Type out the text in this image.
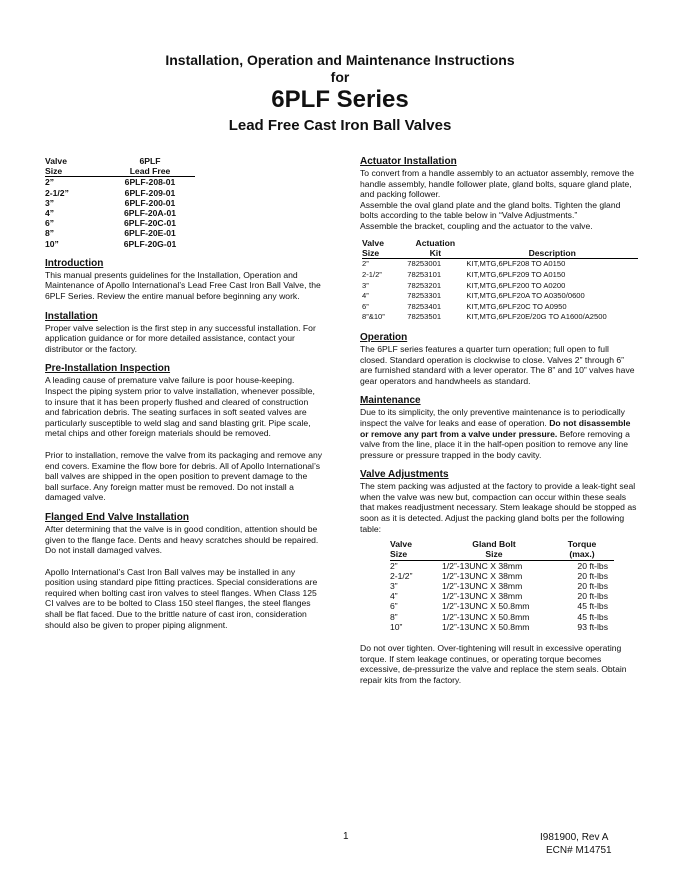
Installation, Operation and Maintenance Instructions
for
6PLF Series
Lead Free Cast Iron Ball Valves
Valve	6PLF
Size	Lead Free
2”	6PLF-208-01
2-1/2”	6PLF-209-01
3”	6PLF-200-01
4”	6PLF-20A-01
6”	6PLF-20C-01
8”	6PLF-20E-01
10”	6PLF-20G-01
Introduction

This manual presents guidelines for the Installation, Operation and Maintenance of Apollo International’s Lead Free Cast Iron Ball Valve, the 6PLF Series. Review the entire manual before beginning any work.

Installation

Proper valve selection is the first step in any successful installation. For application guidance or for more detailed assistance, contact your distributor or the factory.

Pre-Installation Inspection

A leading cause of premature valve failure is poor house-keeping. Inspect the piping system prior to valve installation, whenever possible, to insure that it has been properly flushed and cleared of construction and fabrication debris. The seating surfaces in soft seated valves are particularly susceptible to weld slag and sand blasting grit. Pipe scale, metal chips and other foreign materials should be removed.

Prior to installation, remove the valve from its packaging and remove any end covers. Examine the flow bore for debris. All of Apollo International’s ball valves are shipped in the open position to prevent damage to the ball surface. Any foreign matter must be removed. Do not install a damaged valve.

Flanged End Valve Installation

After determining that the valve is in good condition, attention should be given to the flange face. Dents and heavy scratches should be repaired. Do not install damaged valves.

Apollo International’s Cast Iron Ball valves may be installed in any position using standard pipe fitting practices. Special considerations are required when bolting cast iron valves to steel flanges. When Class 125 CI valves are to be bolted to Class 150 steel flanges, the steel flanges shall be flat faced. Due to the brittle nature of cast iron, consideration should also be given to proper piping alignment.

Actuator Installation

To convert from a handle assembly to an actuator assembly, remove the handle assembly, handle follower plate, gland bolts, square gland plate, and packing follower.

Assemble the oval gland plate and the gland bolts. Tighten the gland bolts according to the table below in “Valve Adjustments.”

Assemble the bracket, coupling and the actuator to the valve.

Valve	Actuation	
Size	Kit	Description
2”	78253001	KIT,MTG,6PLF208 TO A0150
2-1/2”	78253101	KIT,MTG,6PLF209 TO A0150
3”	78253201	KIT,MTG,6PLF200 TO A0200
4”	78253301	KIT,MTG,6PLF20A TO A0350/0600
6”	78253401	KIT,MTG,6PLF20C TO A0950
8”&10”	78253501	KIT,MTG,6PLF20E/20G TO A1600/A2500
Operation

The 6PLF series features a quarter turn operation; full open to full closed. Standard operation is clockwise to close. Valves 2” through 6” are furnished standard with a lever operator. The 8” and 10” valves have gear operators and handwheels as standard.

Maintenance

Due to its simplicity, the only preventive maintenance is to periodically inspect the valve for leaks and ease of operation. Do not disassemble or remove any part from a valve under pressure. Before removing a valve from the line, place it in the half-open position to remove any line pressure or pressure trapped in the body cavity.

Valve Adjustments

The stem packing was adjusted at the factory to provide a leak-tight seal when the valve was new but, compaction can occur within these seals that makes readjustment necessary. Stem leakage should be stopped as soon as it is detected. Adjust the packing gland bolts per the following table:

Valve	Gland Bolt	Torque
Size	Size	(max.)
2”	1/2”-13UNC X 38mm	20 ft-lbs
2-1/2”	1/2”-13UNC X 38mm	20 ft-lbs
3”	1/2”-13UNC X 38mm	20 ft-lbs
4”	1/2”-13UNC X 38mm	20 ft-lbs
6”	1/2”-13UNC X 50.8mm	45 ft-lbs
8”	1/2”-13UNC X 50.8mm	45 ft-lbs
10”	1/2”-13UNC X 50.8mm	93 ft-lbs

Do not over tighten. Over-tightening will result in excessive operating torque. If stem leakage continues, or operating torque becomes excessive, de-pressurize the valve and replace the stem seals. Obtain repair kits from the factory.

1	I981900, Rev A
ECN# M14751
